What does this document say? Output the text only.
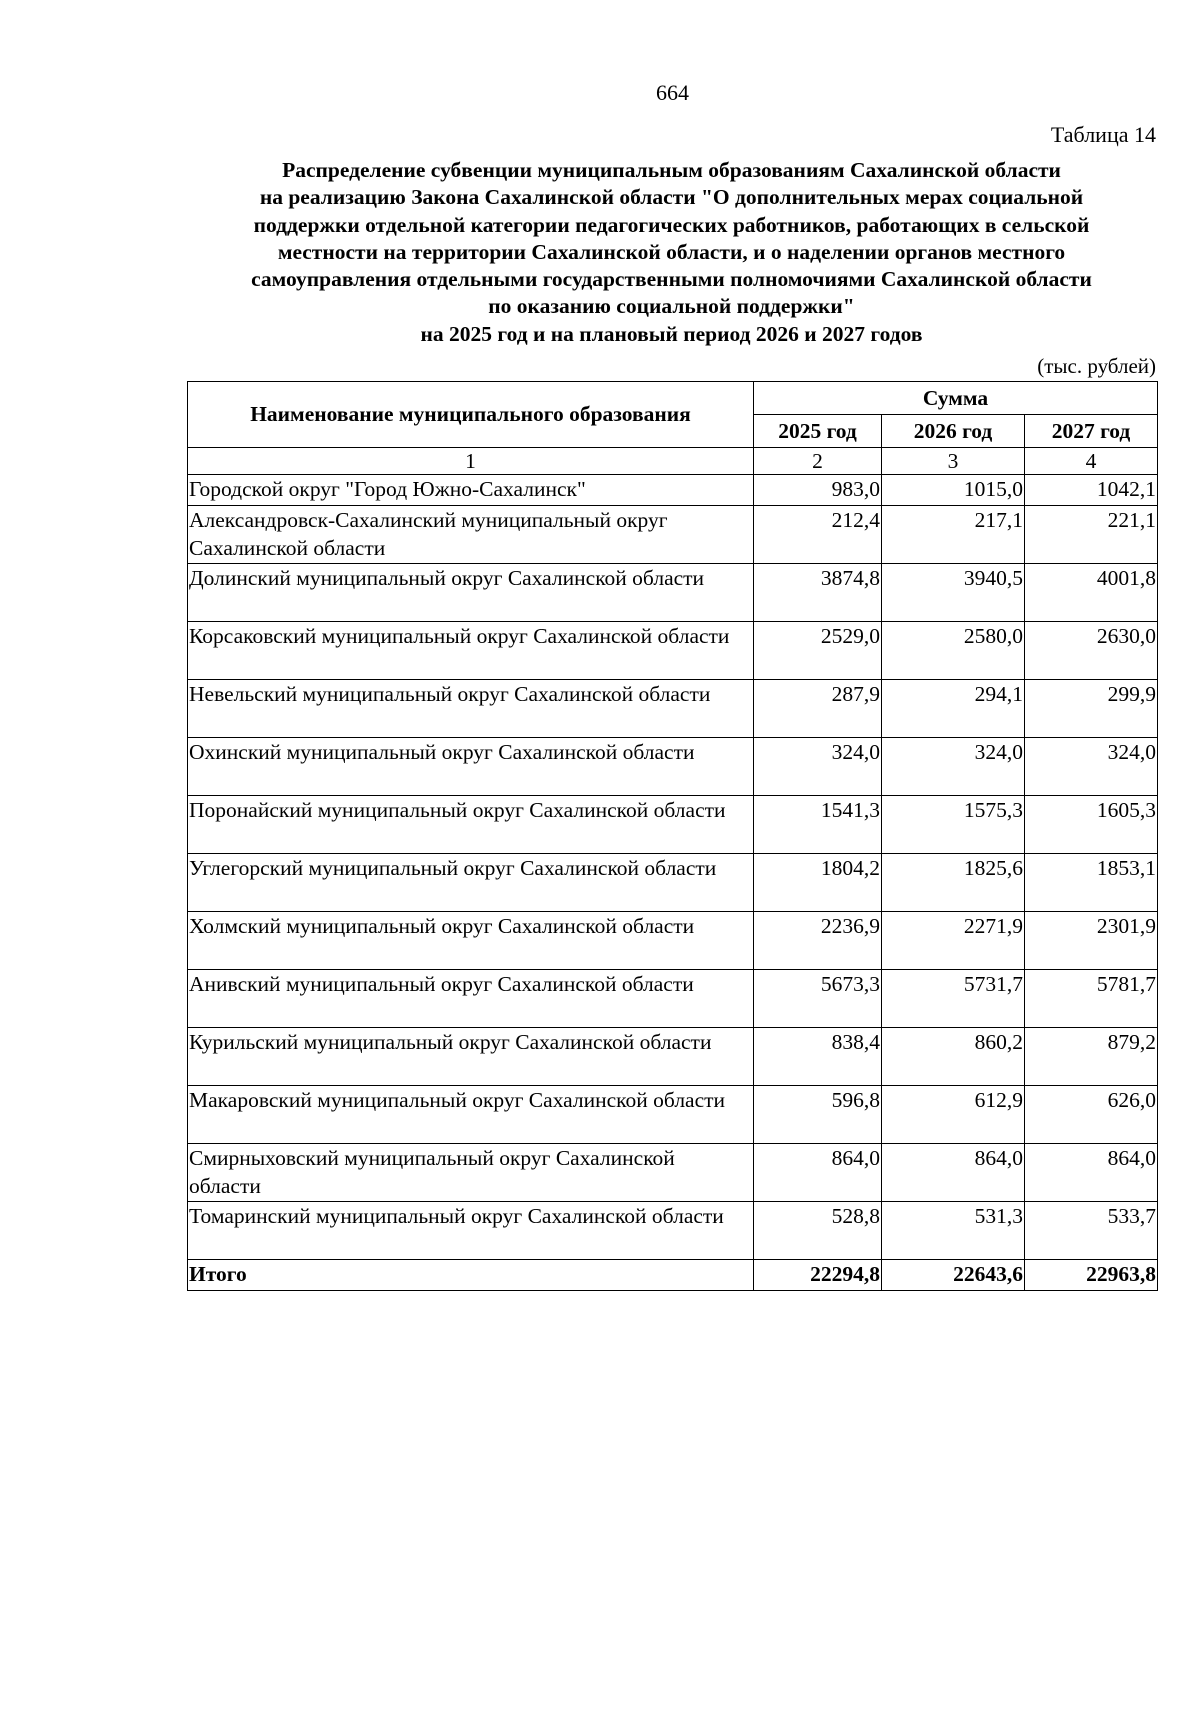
664
Таблица 14
Распределение субвенции муниципальным образованиям Сахалинской области
на реализацию Закона Сахалинской области "О дополнительных мерах социальной
поддержки отдельной категории педагогических работников, работающих в сельской
местности на территории Сахалинской области, и о наделении органов местного
самоуправления отдельными государственными полномочиями Сахалинской области
по оказанию социальной поддержки"
на 2025 год и на плановый период 2026 и 2027 годов
(тыс. рублей)
Наименование муниципального образования	Сумма		
	2025 год	2026 год	2027 год
1	2	3	4
Городской округ "Город Южно-Сахалинск"	983,0	1015,0	1042,1
Александровск-Сахалинский муниципальный округ Сахалинской области	212,4	217,1	221,1
Долинский муниципальный округ Сахалинской области	3874,8	3940,5	4001,8
Корсаковский муниципальный округ Сахалинской области	2529,0	2580,0	2630,0
Невельский муниципальный округ Сахалинской области	287,9	294,1	299,9
Охинский муниципальный округ Сахалинской области	324,0	324,0	324,0
Поронайский муниципальный округ Сахалинской области	1541,3	1575,3	1605,3
Углегорский муниципальный округ Сахалинской области	1804,2	1825,6	1853,1
Холмский муниципальный округ Сахалинской области	2236,9	2271,9	2301,9
Анивский муниципальный округ Сахалинской области	5673,3	5731,7	5781,7
Курильский муниципальный округ Сахалинской области	838,4	860,2	879,2
Макаровский муниципальный округ Сахалинской области	596,8	612,9	626,0
Смирныховский муниципальный округ Сахалинской области	864,0	864,0	864,0
Томаринский муниципальный округ Сахалинской области	528,8	531,3	533,7
Итого	22294,8	22643,6	22963,8
